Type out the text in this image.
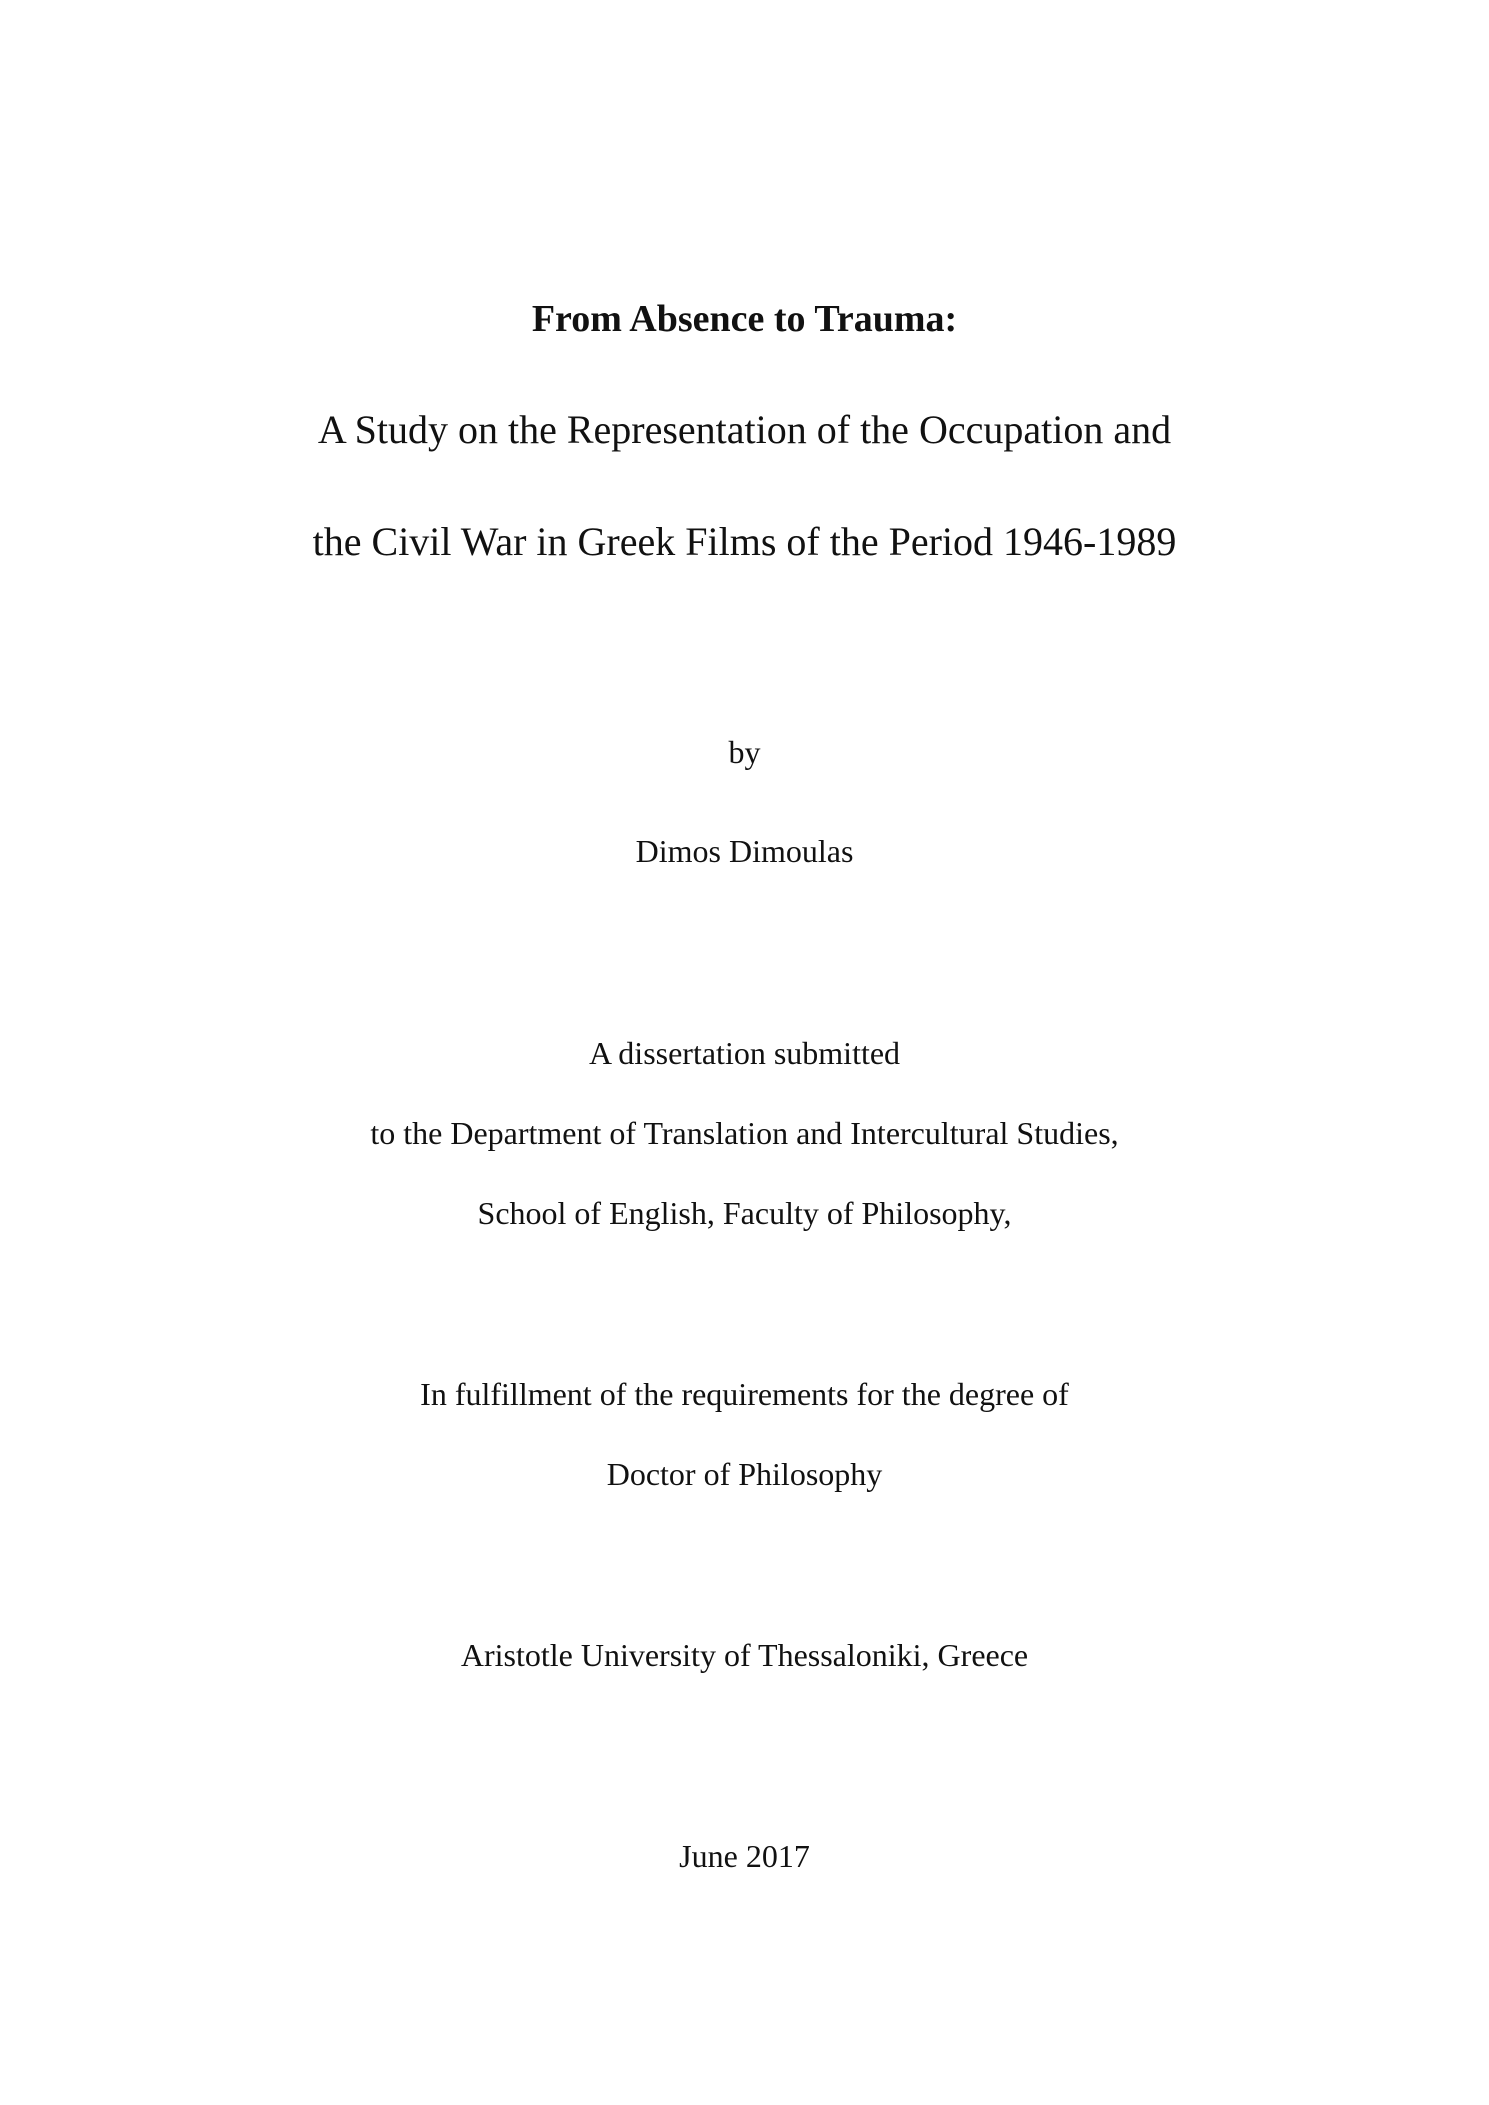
From Absence to Trauma:
A Study on the Representation of the Occupation and
the Civil War in Greek Films of the Period 1946-1989
by
Dimos Dimoulas
A dissertation submitted
to the Department of Translation and Intercultural Studies,
School of English, Faculty of Philosophy,
In fulfillment of the requirements for the degree of
Doctor of Philosophy
Aristotle University of Thessaloniki, Greece
June 2017
